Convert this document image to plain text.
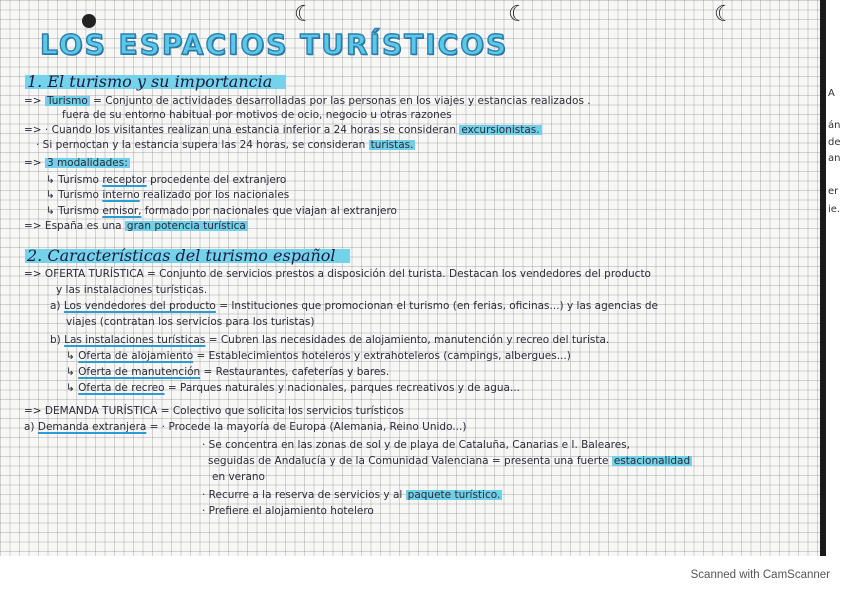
☾	☾	☾
LOS ESPACIOS TURÍSTICOS
1. El turismo y su importancia
=> Turismo = Conjunto de actividades desarrolladas por las personas en los viajes y estancias realizados .
fuera de su entorno habitual por motivos de ocio, negocio u otras razones
=> · Cuando los visitantes realizan una estancia inferior a 24 horas se consideran excursionistas.
· Si pernoctan y la estancia supera las 24 horas, se consideran turistas.
=> 3 modalidades:
↳ Turismo receptor procedente del extranjero
↳ Turismo interno realizado por los nacionales
↳ Turismo emisor, formado por nacionales que viajan al extranjero
=> España es una gran potencia turística
2. Características del turismo español
=> OFERTA TURÍSTICA = Conjunto de servicios prestos a disposición del turista. Destacan los vendedores del producto
y las instalaciones turísticas.
a) Los vendedores del producto = Instituciones que promocionan el turismo (en ferias, oficinas...) y las agencias de
viajes (contratan los servicios para los turistas)
b) Las instalaciones turísticas = Cubren las necesidades de alojamiento, manutención y recreo del turista.
↳ Oferta de alojamiento = Establecimientos hoteleros y extrahoteleros (campings, albergues...)
↳ Oferta de manutención = Restaurantes, cafeterías y bares.
↳ Oferta de recreo = Parques naturales y nacionales, parques recreativos y de agua...
=> DEMANDA TURÍSTICA = Colectivo que solicita los servicios turísticos
a) Demanda extranjera = · Procede la mayoría de Europa (Alemania, Reino Unido...)
· Se concentra en las zonas de sol y de playa de Cataluña, Canarias e I. Baleares,
seguidas de Andalucía y de la Comunidad Valenciana = presenta una fuerte estacionalidad
en verano
· Recurre a la reserva de servicios y al paquete turístico.
· Prefiere el alojamiento hotelero
A
án
de
an
er
ie.
Scanned with CamScanner
